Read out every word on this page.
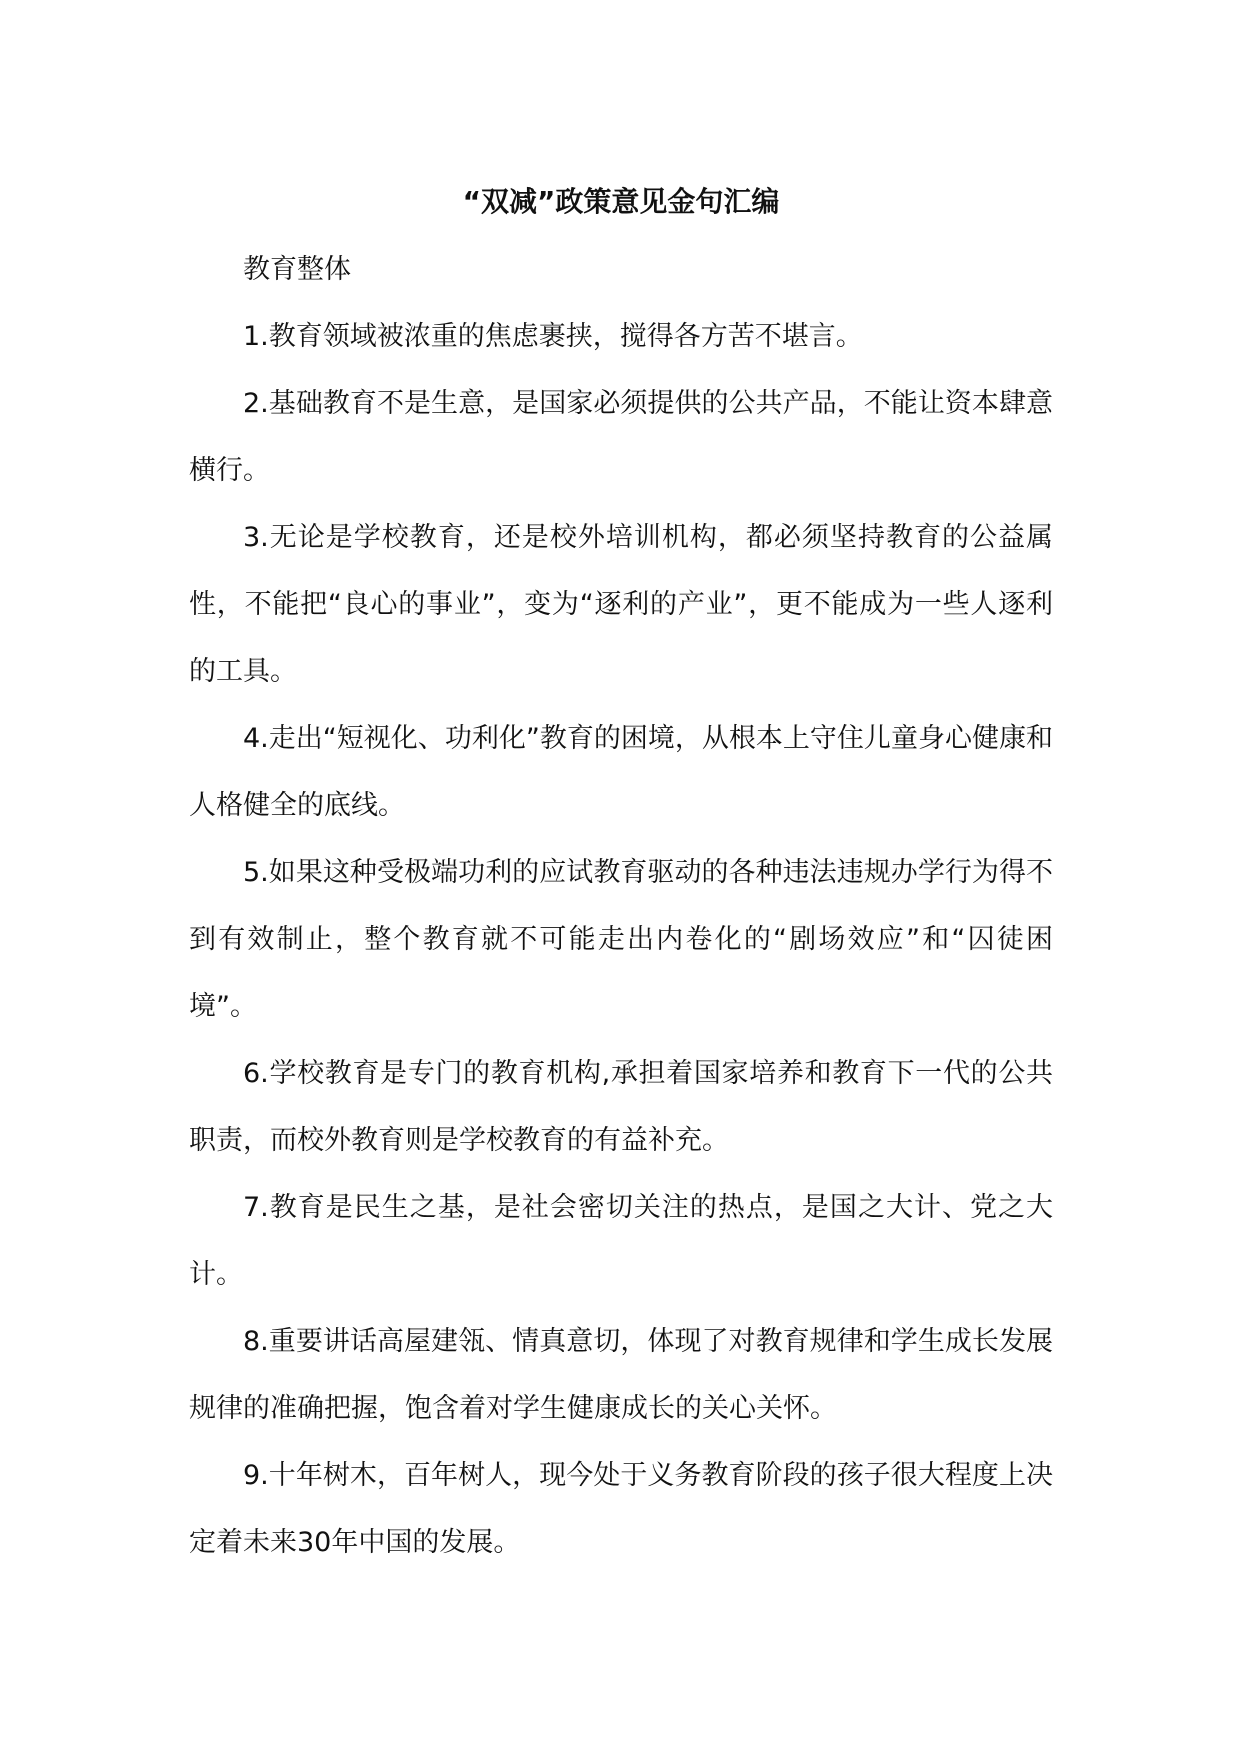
“双减”政策意见金句汇编

教育整体

1.教育领域被浓重的焦虑裹挟，搅得各方苦不堪言。

2.基础教育不是生意，是国家必须提供的公共产品，不能让资本肆意横行。

3.无论是学校教育，还是校外培训机构，都必须坚持教育的公益属性，不能把“良心的事业”，变为“逐利的产业”，更不能成为一些人逐利的工具。

4.走出“短视化、功利化”教育的困境，从根本上守住儿童身心健康和人格健全的底线。

5.如果这种受极端功利的应试教育驱动的各种违法违规办学行为得不到有效制止，整个教育就不可能走出内卷化的“剧场效应”和“囚徒困境”。

6.学校教育是专门的教育机构,承担着国家培养和教育下一代的公共职责，而校外教育则是学校教育的有益补充。

7.教育是民生之基，是社会密切关注的热点，是国之大计、党之大计。

8.重要讲话高屋建瓴、情真意切，体现了对教育规律和学生成长发展规律的准确把握，饱含着对学生健康成长的关心关怀。

9.十年树木，百年树人，现今处于义务教育阶段的孩子很大程度上决定着未来30年中国的发展。
